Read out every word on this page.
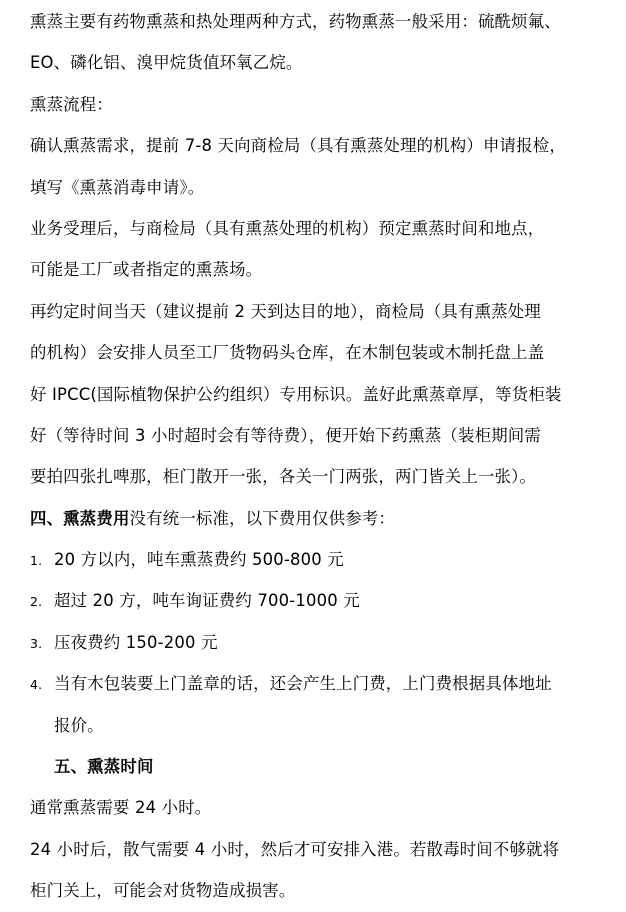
熏蒸主要有药物熏蒸和热处理两种方式，药物熏蒸一般采用：硫酰烦氟、
EO、磷化铝、溴甲烷货值环氧乙烷。
熏蒸流程：
确认熏蒸需求，提前 7-8 天向商检局（具有熏蒸处理的机构）申请报检，
填写《熏蒸消毒申请》。
业务受理后，与商检局（具有熏蒸处理的机构）预定熏蒸时间和地点，
可能是工厂或者指定的熏蒸场。
再约定时间当天（建议提前 2 天到达目的地），商检局（具有熏蒸处理
的机构）会安排人员至工厂货物码头仓库，在木制包装或木制托盘上盖
好 IPCC(国际植物保护公约组织）专用标识。盖好此熏蒸章厚，等货柜装
好（等待时间 3 小时超时会有等待费），便开始下药熏蒸（装柜期间需
要拍四张扎啤那，柜门散开一张，各关一门两张，两门皆关上一张）。
四、熏蒸费用没有统一标准，以下费用仅供参考：
1. 20 方以内，吨车熏蒸费约 500-800 元
2. 超过 20 方，吨车询证费约 700-1000 元
3. 压夜费约 150-200 元
4. 当有木包装要上门盖章的话，还会产生上门费，上门费根据具体地址
报价。
五、熏蒸时间
通常熏蒸需要 24 小时。
24 小时后，散气需要 4 小时，然后才可安排入港。若散毒时间不够就将
柜门关上，可能会对货物造成损害。
